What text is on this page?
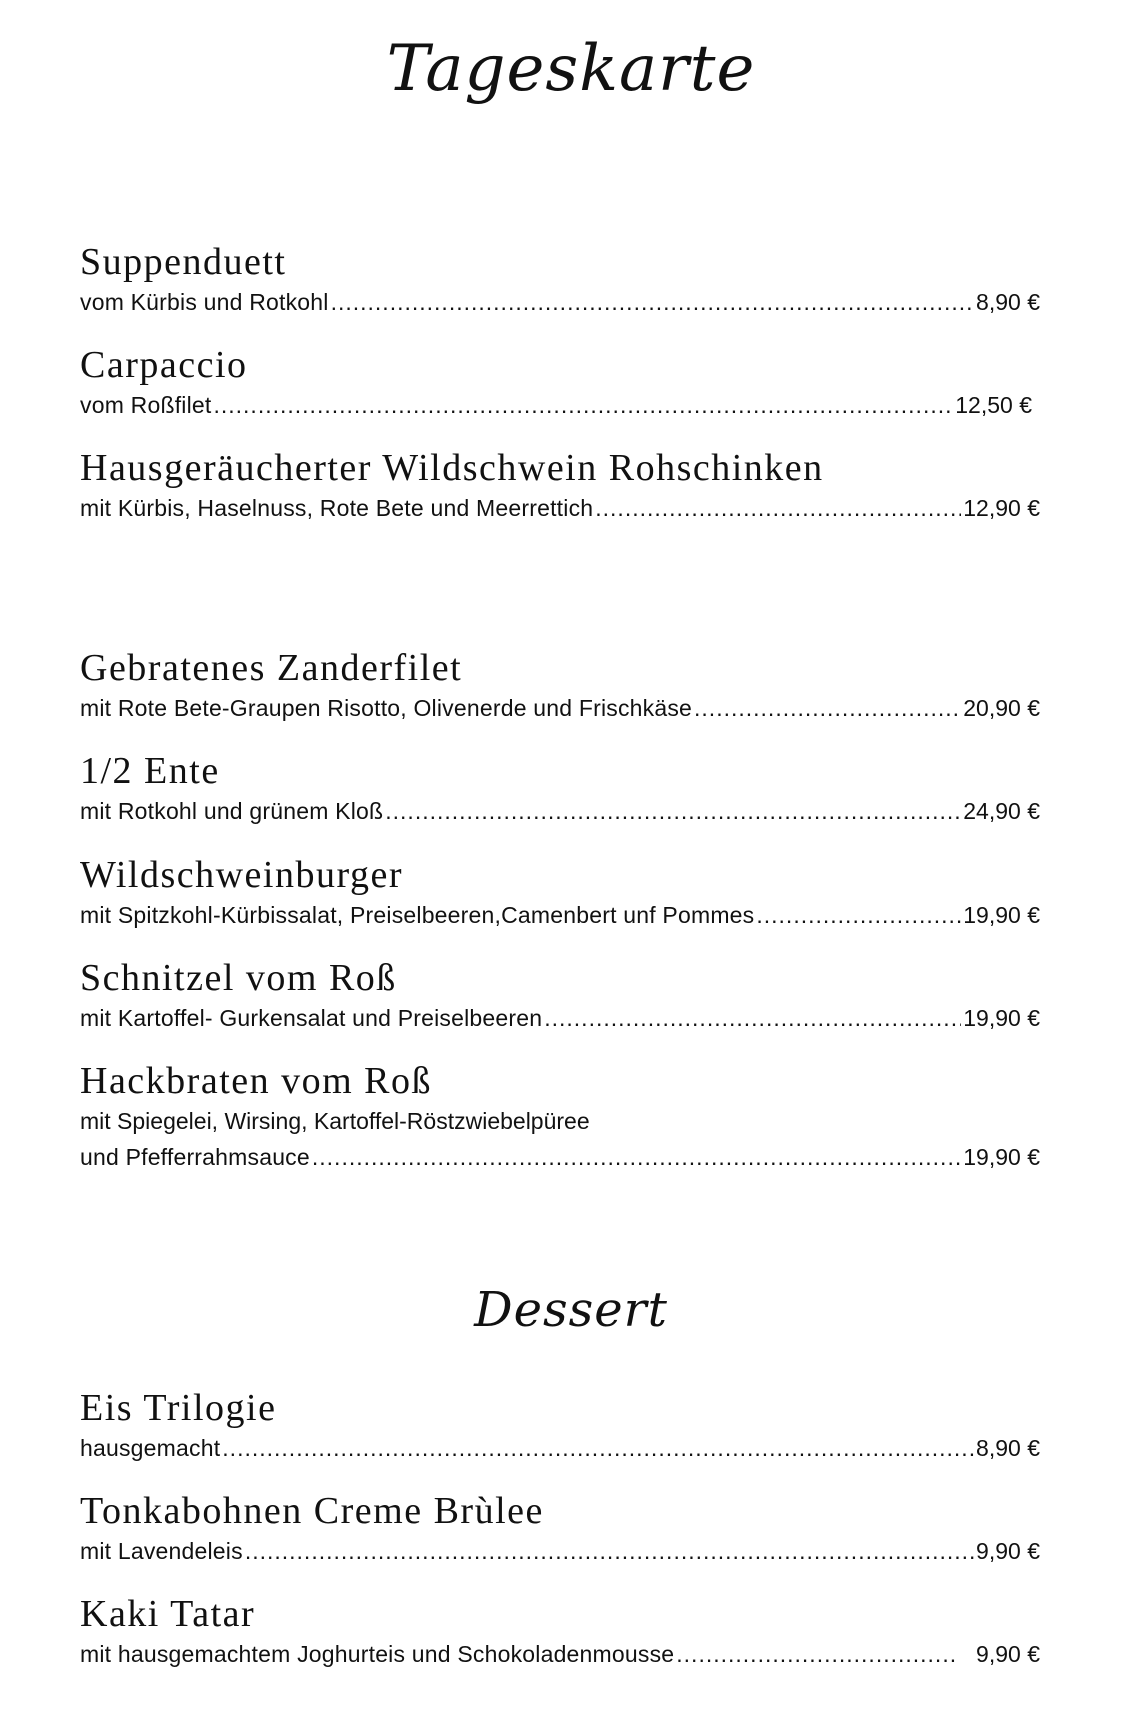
Tageskarte
Suppenduett
vom Kürbis und Rotkohl .....	8,90 €
Carpaccio
vom Roßfilet .....	12,50 €
Hausgeräucherter Wildschwein Rohschinken
mit Kürbis, Haselnuss, Rote Bete und Meerrettich .....	12,90 €
Gebratenes Zanderfilet
mit Rote Bete-Graupen Risotto, Olivenerde und Frischkäse .....	20,90 €
1/2 Ente
mit Rotkohl und grünem Kloß .....	24,90 €
Wildschweinburger
mit Spitzkohl-Kürbissalat, Preiselbeeren,Camenbert unf Pommes .....	19,90 €
Schnitzel vom Roß
mit Kartoffel- Gurkensalat und Preiselbeeren .....	19,90 €
Hackbraten vom Roß
mit Spiegelei, Wirsing, Kartoffel-Röstzwiebelpüree
und Pfefferrahmsauce .....	19,90 €
Dessert
Eis Trilogie
hausgemacht .....	8,90 €
Tonkabohnen Creme Brùlee
mit Lavendeleis .....	9,90 €
Kaki Tatar
mit hausgemachtem Joghurteis und Schokoladenmousse .....	9,90 €
